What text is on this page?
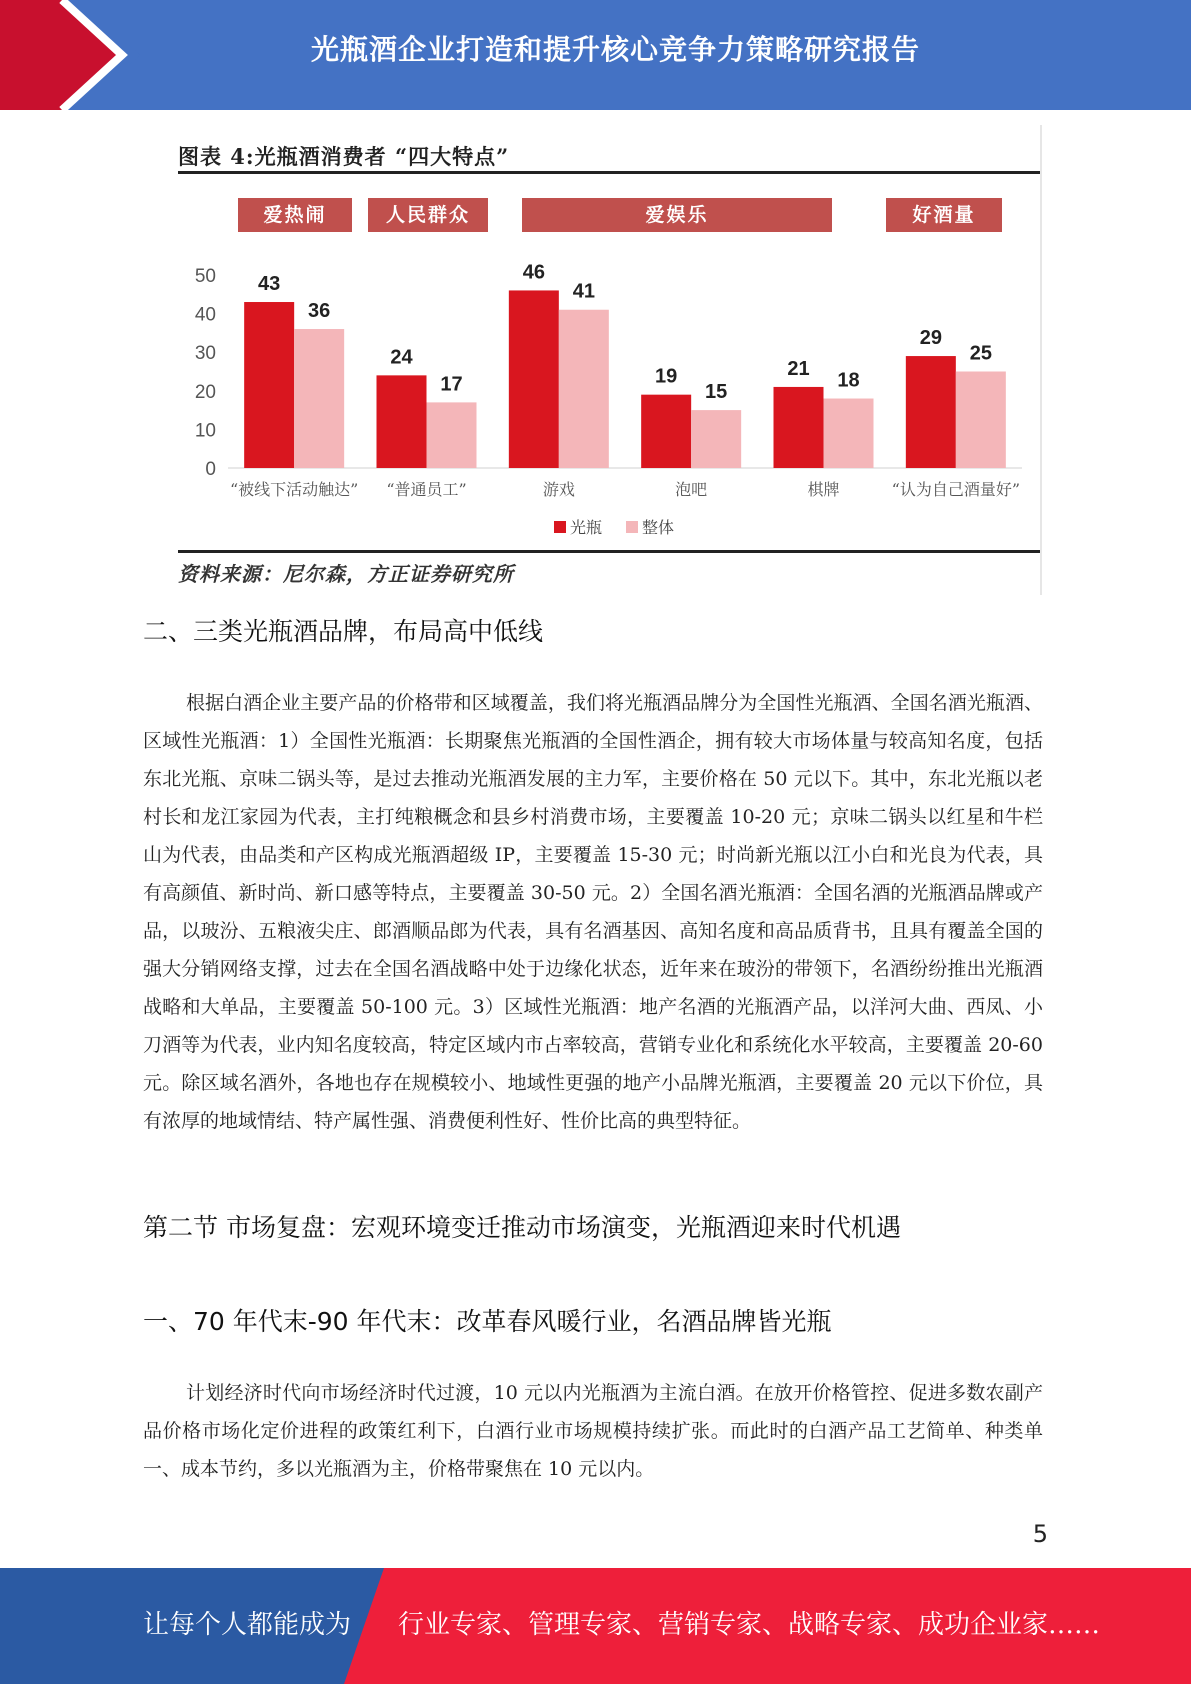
光瓶酒企业打造和提升核心竞争力策略研究报告
图表 4:光瓶酒消费者 “四大特点”
爱热闹	人民群众	爱娱乐	好酒量
0
10
20
30
40
50 43
36
“被线下活动触达”
24
17
“普通员工”
46
41
游戏
19
15
泡吧
21
18
棋牌
29
25
“认为自己酒量好”
光瓶 整体
资料来源：尼尔森，方正证券研究所
二、三类光瓶酒品牌，布局高中低线

根据白酒企业主要产品的价格带和区域覆盖，我们将光瓶酒品牌分为全国性光瓶酒、全国名酒光瓶酒、区域性光瓶酒：1）全国性光瓶酒：长期聚焦光瓶酒的全国性酒企，拥有较大市场体量与较高知名度，包括东北光瓶、京味二锅头等，是过去推动光瓶酒发展的主力军，主要价格在 50 元以下。其中，东北光瓶以老村长和龙江家园为代表，主打纯粮概念和县乡村消费市场，主要覆盖 10-20 元；京味二锅头以红星和牛栏山为代表，由品类和产区构成光瓶酒超级 IP，主要覆盖 15-30 元；时尚新光瓶以江小白和光良为代表，具有高颜值、新时尚、新口感等特点，主要覆盖 30-50 元。2）全国名酒光瓶酒：全国名酒的光瓶酒品牌或产品，以玻汾、五粮液尖庄、郎酒顺品郎为代表，具有名酒基因、高知名度和高品质背书，且具有覆盖全国的强大分销网络支撑，过去在全国名酒战略中处于边缘化状态，近年来在玻汾的带领下，名酒纷纷推出光瓶酒战略和大单品，主要覆盖 50-100 元。3）区域性光瓶酒：地产名酒的光瓶酒产品，以洋河大曲、西凤、小刀酒等为代表，业内知名度较高，特定区域内市占率较高，营销专业化和系统化水平较高，主要覆盖 20-60 元。除区域名酒外，各地也存在规模较小、地域性更强的地产小品牌光瓶酒，主要覆盖 20 元以下价位，具有浓厚的地域情结、特产属性强、消费便利性好、性价比高的典型特征。

第二节 市场复盘：宏观环境变迁推动市场演变，光瓶酒迎来时代机遇
一、70 年代末-90 年代末：改革春风暖行业，名酒品牌皆光瓶

计划经济时代向市场经济时代过渡，10 元以内光瓶酒为主流白酒。在放开价格管控、促进多数农副产品价格市场化定价进程的政策红利下，白酒行业市场规模持续扩张。而此时的白酒产品工艺简单、种类单一、成本节约，多以光瓶酒为主，价格带聚焦在 10 元以内。

5
让每个人都能成为 行业专家、管理专家、营销专家、战略专家、成功企业家……
